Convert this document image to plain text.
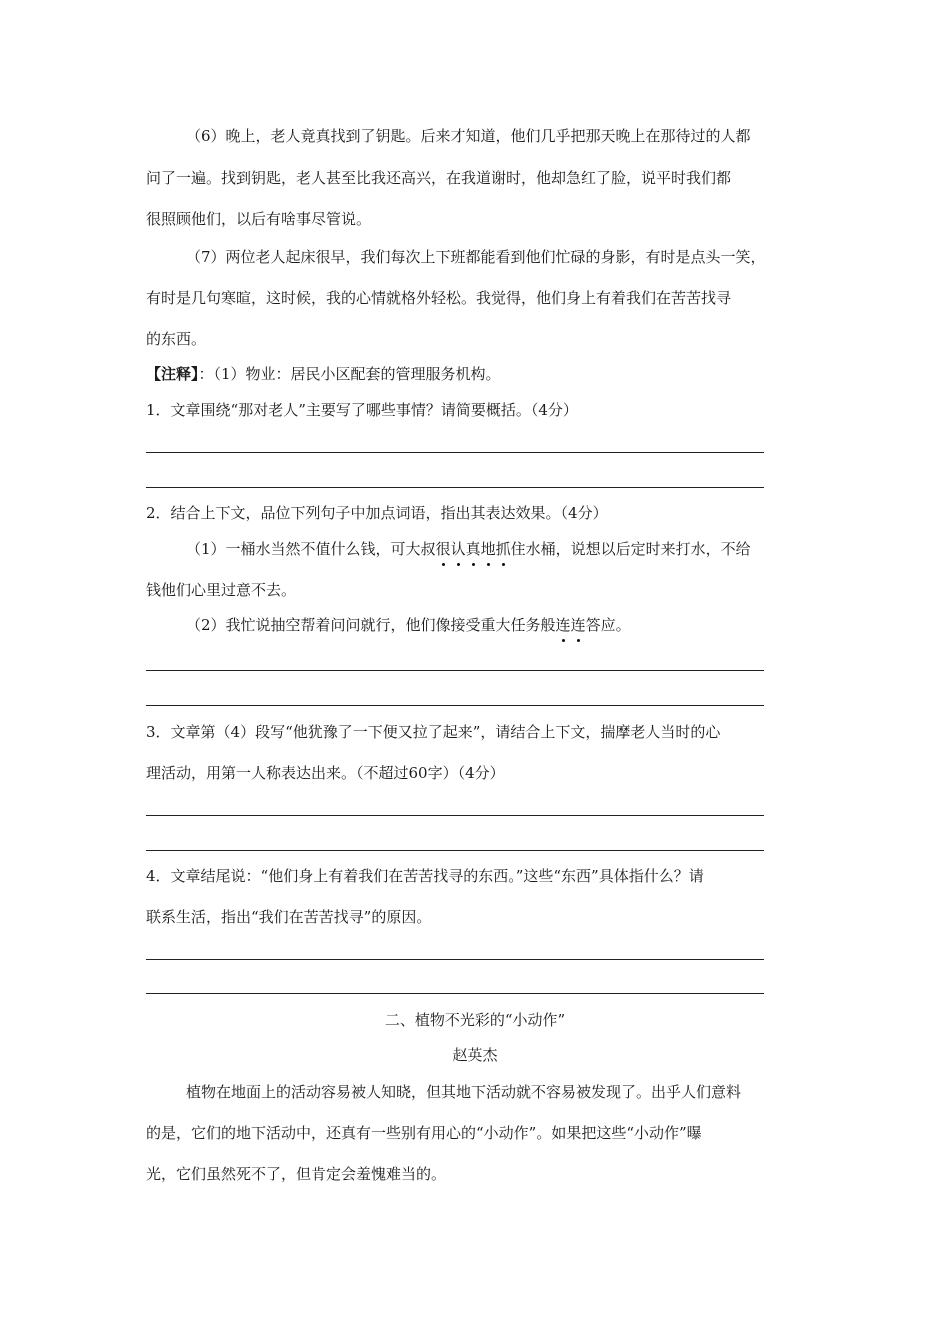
（6）晚上，老人竟真找到了钥匙。后来才知道，他们几乎把那天晚上在那待过的人都
问了一遍。找到钥匙，老人甚至比我还高兴，在我道谢时，他却急红了脸，说平时我们都
很照顾他们，以后有啥事尽管说。
（7）两位老人起床很早，我们每次上下班都能看到他们忙碌的身影，有时是点头一笑，
有时是几句寒暄，这时候，我的心情就格外轻松。我觉得，他们身上有着我们在苦苦找寻
的东西。
【注释】：（1）物业：居民小区配套的管理服务机构。
1．文章围绕“那对老人”主要写了哪些事情？请简要概括。（4分）
2．结合上下文，品位下列句子中加点词语，指出其表达效果。（4分）
（1）一桶水当然不值什么钱，可大叔很认真地抓住水桶，说想以后定时来打水，不给
钱他们心里过意不去。
（2）我忙说抽空帮着问问就行，他们像接受重大任务般连连答应。
3．文章第（4）段写“他犹豫了一下便又拉了起来”，请结合上下文，揣摩老人当时的心
理活动，用第一人称表达出来。（不超过60字）（4分）
4．文章结尾说：“他们身上有着我们在苦苦找寻的东西。”这些“东西”具体指什么？请
联系生活，指出“我们在苦苦找寻”的原因。
二、植物不光彩的“小动作”
赵英杰
植物在地面上的活动容易被人知晓，但其地下活动就不容易被发现了。出乎人们意料
的是，它们的地下活动中，还真有一些别有用心的“小动作”。如果把这些“小动作”曝
光，它们虽然死不了，但肯定会羞愧难当的。
